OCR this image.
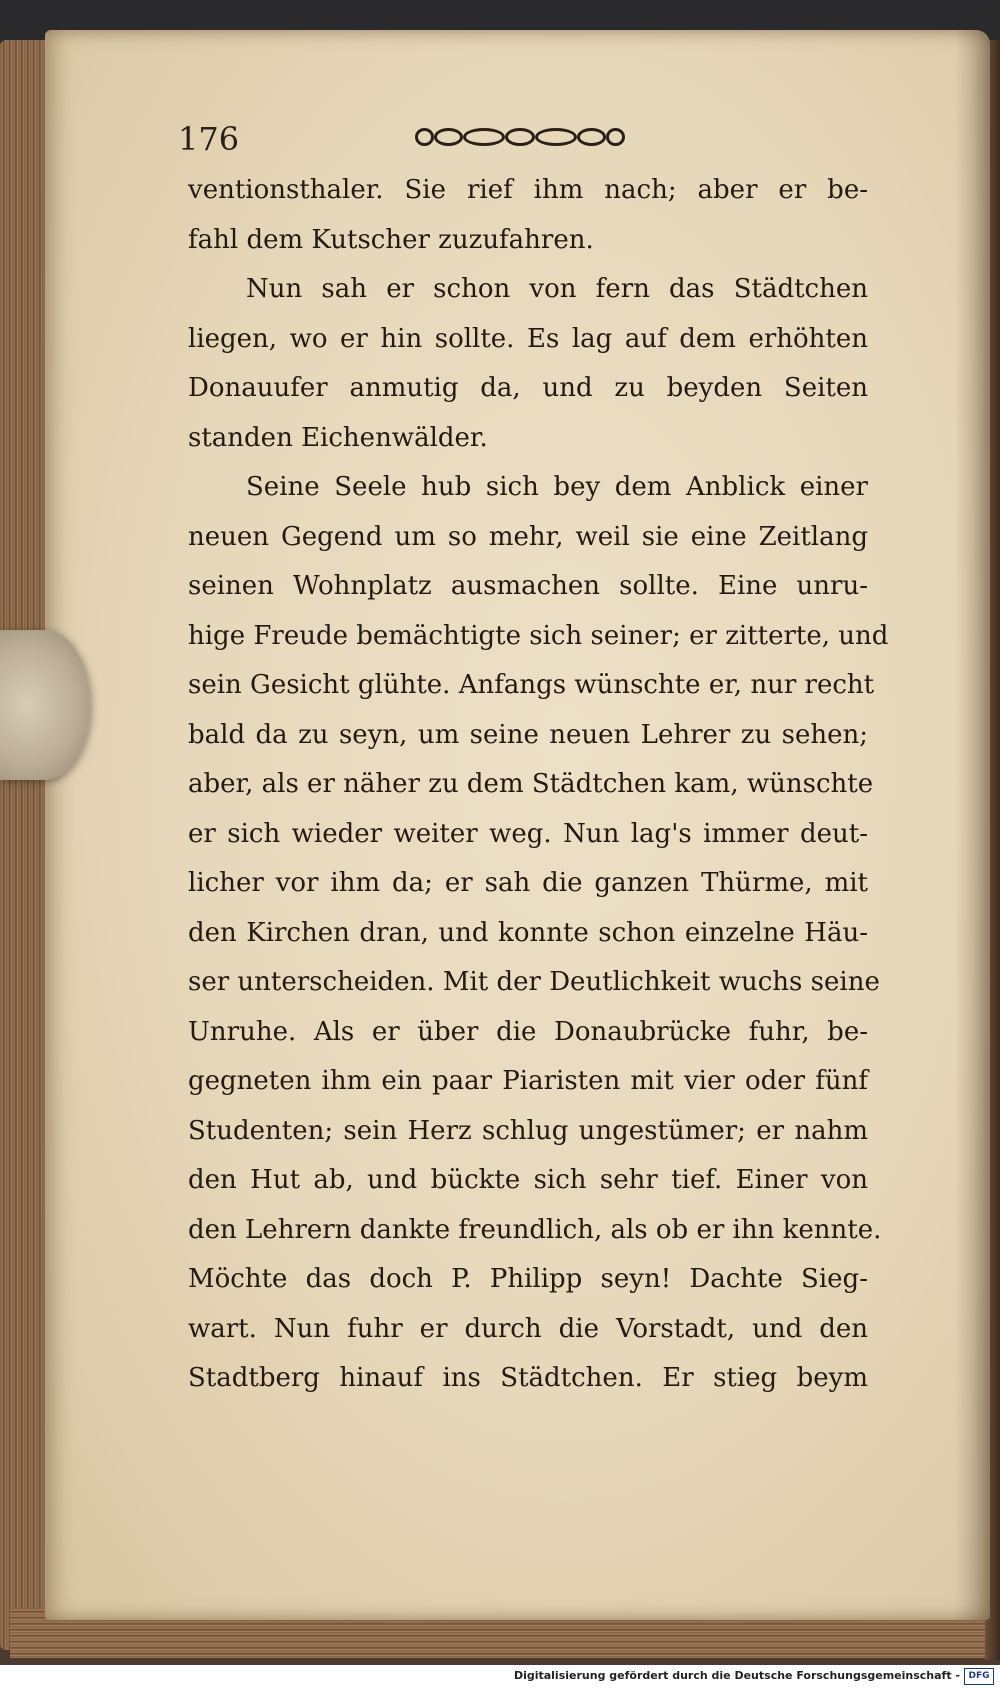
176
ventionsthaler. Sie rief ihm nach; aber er be-
fahl dem Kutscher zuzufahren.
Nun sah er schon von fern das Städtchen
liegen, wo er hin sollte. Es lag auf dem erhöhten
Donauufer anmutig da, und zu beyden Seiten
standen Eichenwälder.
Seine Seele hub sich bey dem Anblick einer
neuen Gegend um so mehr, weil sie eine Zeitlang
seinen Wohnplatz ausmachen sollte. Eine unru-
hige Freude bemächtigte sich seiner; er zitterte, und
sein Gesicht glühte. Anfangs wünschte er, nur recht
bald da zu seyn, um seine neuen Lehrer zu sehen;
aber, als er näher zu dem Städtchen kam, wünschte
er sich wieder weiter weg. Nun lag's immer deut-
licher vor ihm da; er sah die ganzen Thürme, mit
den Kirchen dran, und konnte schon einzelne Häu-
ser unterscheiden. Mit der Deutlichkeit wuchs seine
Unruhe. Als er über die Donaubrücke fuhr, be-
gegneten ihm ein paar Piaristen mit vier oder fünf
Studenten; sein Herz schlug ungestümer; er nahm
den Hut ab, und bückte sich sehr tief. Einer von
den Lehrern dankte freundlich, als ob er ihn kennte.
Möchte das doch P. Philipp seyn! Dachte Sieg-
wart. Nun fuhr er durch die Vorstadt, und den
Stadtberg hinauf ins Städtchen. Er stieg beym
Digitalisierung gefördert durch die Deutsche Forschungsgemeinschaft - DFG
